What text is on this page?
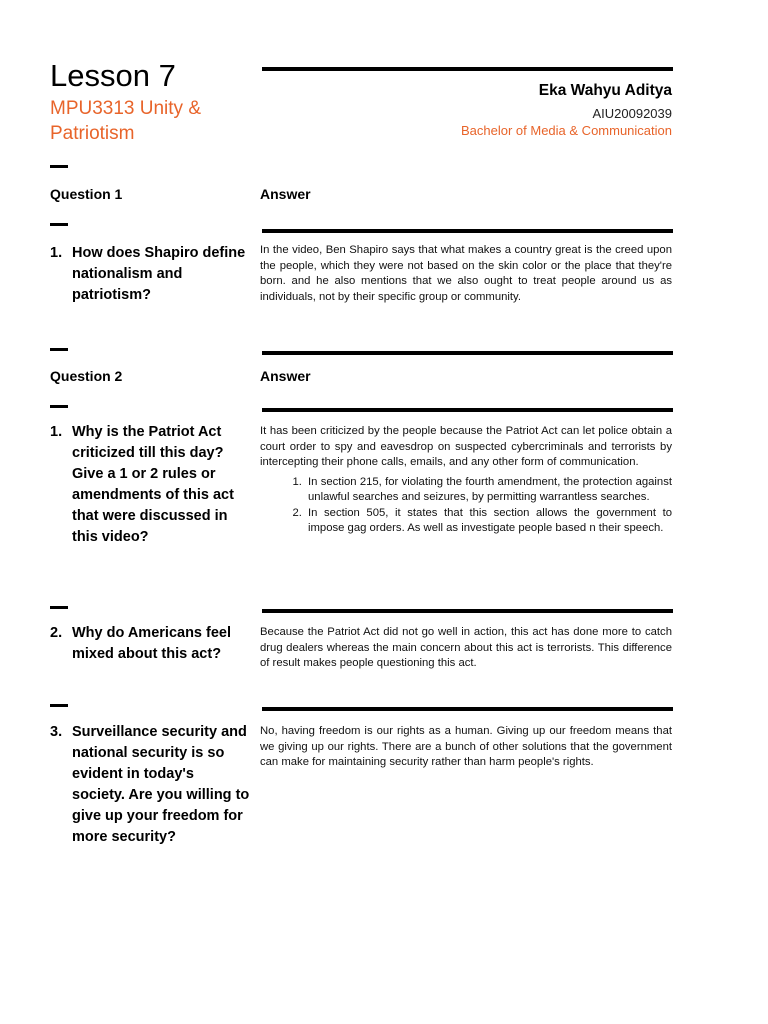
Lesson 7
MPU3313 Unity & Patriotism
Eka Wahyu Aditya
AIU20092039
Bachelor of Media & Communication
Question 1	Answer
1. How does Shapiro define nationalism and patriotism?
In the video, Ben Shapiro says that what makes a country great is the creed upon the people, which they were not based on the skin color or the place that they're born. and he also mentions that we also ought to treat people around us as individuals, not by their specific group or community.
Question 2	Answer
1. Why is the Patriot Act criticized till this day? Give a 1 or 2 rules or amendments of this act that were discussed in this video?
It has been criticized by the people because the Patriot Act can let police obtain a court order to spy and eavesdrop on suspected cybercriminals and terrorists by intercepting their phone calls, emails, and any other form of communication.
1. In section 215, for violating the fourth amendment, the protection against unlawful searches and seizures, by permitting warrantless searches.
2. In section 505, it states that this section allows the government to impose gag orders. As well as investigate people based n their speech.
2. Why do Americans feel mixed about this act?
Because the Patriot Act did not go well in action, this act has done more to catch drug dealers whereas the main concern about this act is terrorists. This difference of result makes people questioning this act.
3. Surveillance security and national security is so evident in today's society. Are you willing to give up your freedom for more security?
No, having freedom is our rights as a human. Giving up our freedom means that we giving up our rights. There are a bunch of other solutions that the government can make for maintaining security rather than harm people's rights.
